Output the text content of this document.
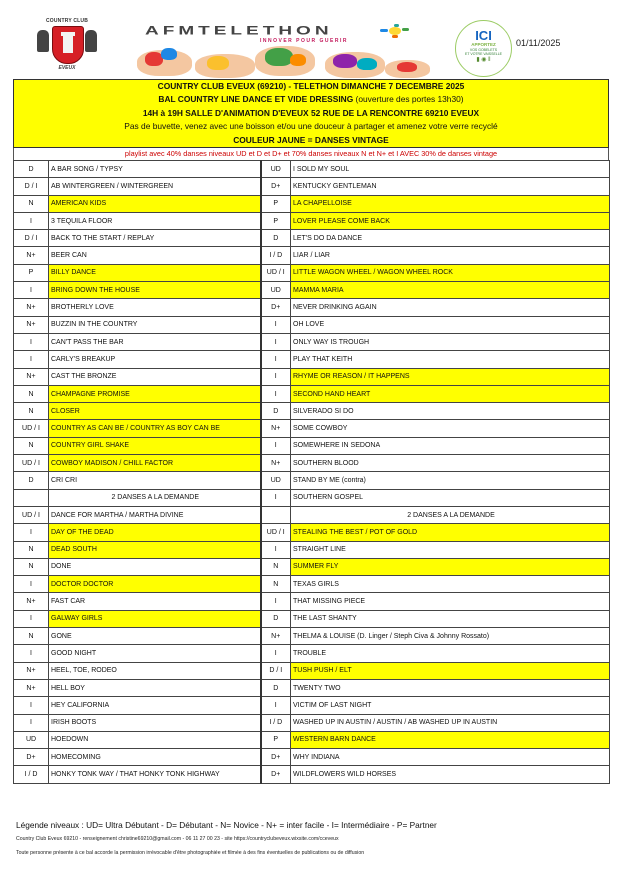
COUNTRY CLUB
EVEUX
AFMTELETHON
INNOVER POUR GUERIR	ICI
APPORTEZ
VOS GOBELETS
ET VOTRE VAISSELLE
▮ ◉ ‖
01/11/2025
COUNTRY CLUB EVEUX (69210) - TELETHON DIMANCHE 7 DECEMBRE 2025
BAL COUNTRY LINE DANCE ET VIDE DRESSING (ouverture des portes 13h30)
14H à 19H SALLE D'ANIMATION D'EVEUX 52 RUE DE LA RENCONTRE 69210 EVEUX
Pas de buvette, venez avec une boisson et/ou une douceur à partager et amenez votre verre recyclé
COULEUR JAUNE = DANSES VINTAGE
playlist avec 40% danses niveaux UD et D et D+ et 70% danses niveaux N et N+ et I AVEC 30% de danses vintage
D	A BAR SONG / TYPSY	UD	I SOLD MY SOUL
D / I	AB WINTERGREEN / WINTERGREEN	D+	KENTUCKY GENTLEMAN
N	AMERICAN KIDS	P	LA CHAPELLOISE
I	3 TEQUILA FLOOR	P	LOVER PLEASE COME BACK
D / I	BACK TO THE START / REPLAY	D	LET'S DO DA DANCE
N+	BEER CAN	I / D	LIAR / LIAR
P	BILLY DANCE	UD / I	LITTLE WAGON WHEEL / WAGON WHEEL ROCK
I	BRING DOWN THE HOUSE	UD	MAMMA MARIA
N+	BROTHERLY LOVE	D+	NEVER DRINKING AGAIN
N+	BUZZIN IN THE COUNTRY	I	OH LOVE
I	CAN'T PASS THE BAR	I	ONLY WAY IS TROUGH
I	CARLY'S BREAKUP	I	PLAY THAT KEITH
N+	CAST THE BRONZE	I	RHYME OR REASON / IT HAPPENS
N	CHAMPAGNE PROMISE	I	SECOND HAND HEART
N	CLOSER	D	SILVERADO SI DO
UD / I	COUNTRY AS CAN BE / COUNTRY AS BOY CAN BE	N+	SOME COWBOY
N	COUNTRY GIRL SHAKE	I	SOMEWHERE IN SEDONA
UD / I	COWBOY MADISON / CHILL FACTOR	N+	SOUTHERN BLOOD
D	CRI CRI	UD	STAND BY ME (contra)
	2 DANSES A LA DEMANDE	I	SOUTHERN GOSPEL
UD / I	DANCE FOR MARTHA / MARTHA DIVINE		2 DANSES A LA DEMANDE
I	DAY OF THE DEAD	UD / I	STEALING THE BEST / POT OF GOLD
N	DEAD SOUTH	I	STRAIGHT LINE
N	DONE	N	SUMMER FLY
I	DOCTOR DOCTOR	N	TEXAS GIRLS
N+	FAST CAR	I	THAT MISSING PIECE
I	GALWAY GIRLS	D	THE LAST SHANTY
N	GONE	N+	THELMA & LOUISE (D. Linger / Steph Civa & Johnny Rossato)
I	GOOD NIGHT	I	TROUBLE
N+	HEEL, TOE, RODEO	D / I	TUSH PUSH / ELT
N+	HELL BOY	D	TWENTY TWO
I	HEY CALIFORNIA	I	VICTIM OF LAST NIGHT
I	IRISH BOOTS	I / D	WASHED UP IN AUSTIN / AUSTIN / AB WASHED UP IN AUSTIN
UD	HOEDOWN	P	WESTERN BARN DANCE
D+	HOMECOMING	D+	WHY INDIANA
I / D	HONKY TONK WAY / THAT HONKY TONK HIGHWAY	D+	WILDFLOWERS WILD HORSES
Légende niveaux : UD= Ultra Débutant - D= Débutant - N= Novice - N+ = inter facile - I= Intermédiaire - P= Partner
Country Club Eveux 69210 - renseignement christine69210@gmail.com - 06 11 27 00 23 - site https://countryclubeveux.wixsite.com/cceveux
Toute personne présente à ce bal accorde la permission irrévocable d'être photographiée et filmée à des fins éventuelles de publications ou de diffusion
